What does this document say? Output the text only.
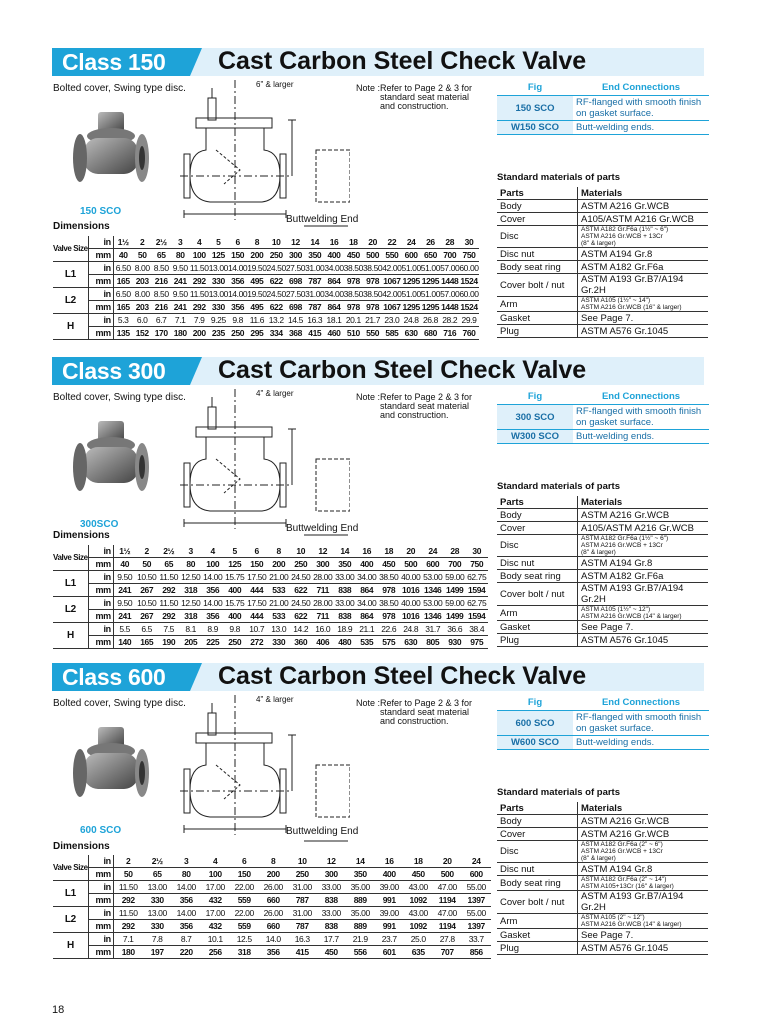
Class 150 Cast Carbon Steel Check Valve
Bolted cover, Swing type disc.	Note : Refer to Page 2 & 3 for standard seat material and construction.
150 SCO
6" & larger
Buttwelding End
Dimensions
Valve Size	in	1½	2	2½	3	4	5	6	8	10	12	14	16	18	20	22	24	26	28	30
	mm	40	50	65	80	100	125	150	200	250	300	350	400	450	500	550	600	650	700	750
L1	in	6.50	8.00	8.50	9.50	11.50	13.00	14.00	19.50	24.50	27.50	31.00	34.00	38.50	38.50	42.00	51.00	51.00	57.00	60.00
	mm	165	203	216	241	292	330	356	495	622	698	787	864	978	978	1067	1295	1295	1448	1524
L2	in	6.50	8.00	8.50	9.50	11.50	13.00	14.00	19.50	24.50	27.50	31.00	34.00	38.50	38.50	42.00	51.00	51.00	57.00	60.00
	mm	165	203	216	241	292	330	356	495	622	698	787	864	978	978	1067	1295	1295	1448	1524
H	in	5.3	6.0	6.7	7.1	7.9	9.25	9.8	11.6	13.2	14.5	16.3	18.1	20.1	21.7	23.0	24.8	26.8	28.2	29.9
	mm	135	152	170	180	200	235	250	295	334	368	415	460	510	550	585	630	680	716	760
Fig	End Connections
150 SCO	RF-flanged with smooth finish on gasket surface.
W150 SCO	Butt-welding ends.
Standard materials of parts
Parts	Materials
Body	ASTM A216 Gr.WCB
Cover	A105/ASTM A216 Gr.WCB
Disc	ASTM A182 Gr.F6a (1½" ~ 6")
ASTM A216 Gr.WCB + 13Cr
(8" & larger)

Disc nut	ASTM A194 Gr.8
Body seat ring	ASTM A182 Gr.F6a
Cover bolt / nut	ASTM A193 Gr.B7/A194 Gr.2H
Arm	ASTM A105 (1½" ~ 14")
ASTM A216 Gr.WCB (16" & larger)

Gasket	See Page 7.
Plug	ASTM A576 Gr.1045
Class 300 Cast Carbon Steel Check Valve
Bolted cover, Swing type disc.	Note : Refer to Page 2 & 3 for standard seat material and construction.
300SCO
4" & larger
Buttwelding End
Dimensions
Valve Size	in	1½	2	2½	3	4	5	6	8	10	12	14	16	18	20	24	28	30
	mm	40	50	65	80	100	125	150	200	250	300	350	400	450	500	600	700	750
L1	in	9.50	10.50	11.50	12.50	14.00	15.75	17.50	21.00	24.50	28.00	33.00	34.00	38.50	40.00	53.00	59.00	62.75
	mm	241	267	292	318	356	400	444	533	622	711	838	864	978	1016	1346	1499	1594
L2	in	9.50	10.50	11.50	12.50	14.00	15.75	17.50	21.00	24.50	28.00	33.00	34.00	38.50	40.00	53.00	59.00	62.75
	mm	241	267	292	318	356	400	444	533	622	711	838	864	978	1016	1346	1499	1594
H	in	5.5	6.5	7.5	8.1	8.9	9.8	10.7	13.0	14.2	16.0	18.9	21.1	22.6	24.8	31.7	36.6	38.4
	mm	140	165	190	205	225	250	272	330	360	406	480	535	575	630	805	930	975
Fig	End Connections
300 SCO	RF-flanged with smooth finish on gasket surface.
W300 SCO	Butt-welding ends.
Standard materials of parts
Parts	Materials
Body	ASTM A216 Gr.WCB
Cover	A105/ASTM A216 Gr.WCB
Disc	ASTM A182 Gr.F6a (1½" ~ 6")
ASTM A216 Gr.WCB + 13Cr
(8" & larger)

Disc nut	ASTM A194 Gr.8
Body seat ring	ASTM A182 Gr.F6a
Cover bolt / nut	ASTM A193 Gr.B7/A194 Gr.2H
Arm	ASTM A105 (1½" ~ 12")
ASTM A216 Gr.WCB (14" & larger)

Gasket	See Page 7.
Plug	ASTM A576 Gr.1045
Class 600 Cast Carbon Steel Check Valve
Bolted cover, Swing type disc.	Note : Refer to Page 2 & 3 for standard seat material and construction.
600 SCO
4" & larger
Buttwelding End
Dimensions
Valve Size	in	2	2½	3	4	6	8	10	12	14	16	18	20	24
	mm	50	65	80	100	150	200	250	300	350	400	450	500	600
L1	in	11.50	13.00	14.00	17.00	22.00	26.00	31.00	33.00	35.00	39.00	43.00	47.00	55.00
	mm	292	330	356	432	559	660	787	838	889	991	1092	1194	1397
L2	in	11.50	13.00	14.00	17.00	22.00	26.00	31.00	33.00	35.00	39.00	43.00	47.00	55.00
	mm	292	330	356	432	559	660	787	838	889	991	1092	1194	1397
H	in	7.1	7.8	8.7	10.1	12.5	14.0	16.3	17.7	21.9	23.7	25.0	27.8	33.7
	mm	180	197	220	256	318	356	415	450	556	601	635	707	856
Fig	End Connections
600 SCO	RF-flanged with smooth finish on gasket surface.
W600 SCO	Butt-welding ends.
Standard materials of parts
Parts	Materials
Body	ASTM A216 Gr.WCB
Cover	ASTM A216 Gr.WCB
Disc	ASTM A182 Gr.F6a (2" ~ 6")
ASTM A216 Gr.WCB + 13Cr
(8" & larger)

Disc nut	ASTM A194 Gr.8
Body seat ring	ASTM A182 Gr.F6a (2" ~ 14")
ASTM A105+13Cr (16" & larger)

Cover bolt / nut	ASTM A193 Gr.B7/A194 Gr.2H
Arm	ASTM A105 (2" ~ 12")
ASTM A216 Gr.WCB (14" & larger)

Gasket	See Page 7.
Plug	ASTM A576 Gr.1045
18
